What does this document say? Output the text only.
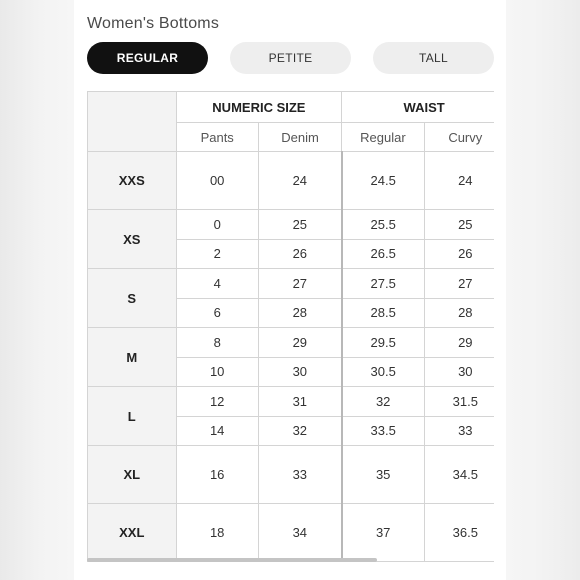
Women's Bottoms
REGULAR	PETITE	TALL
	NUMERIC SIZE		WAIST	
	Pants	Denim	Regular	Curvy
XXS	00	24	24.5	24
XS	0	25	25.5	25
	2	26	26.5	26
S	4	27	27.5	27
	6	28	28.5	28
M	8	29	29.5	29
	10	30	30.5	30
L	12	31	32	31.5
	14	32	33.5	33
XL	16	33	35	34.5
XXL	18	34	37	36.5
